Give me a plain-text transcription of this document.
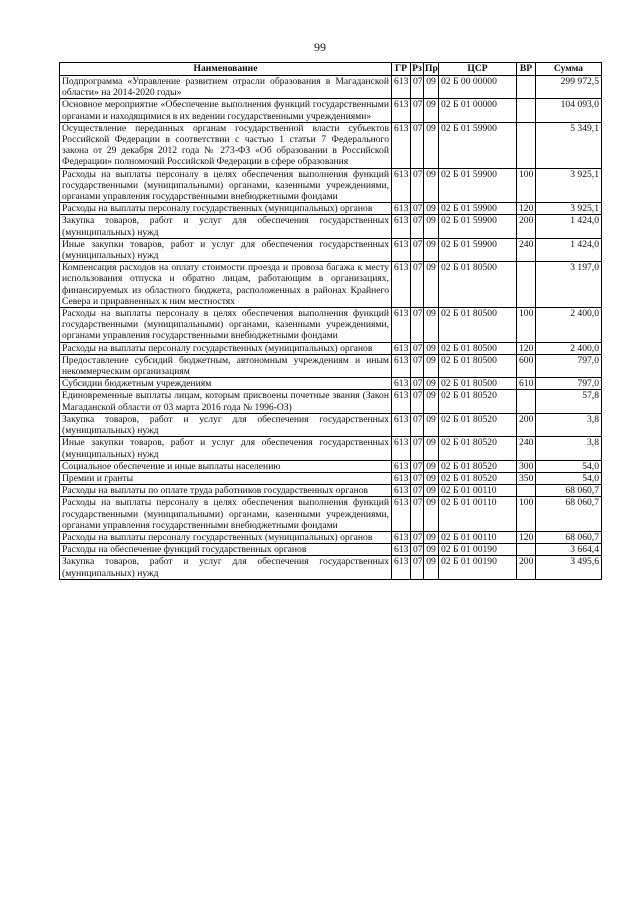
99
Наименование	ГР	Рз	Пр	ЦСР	ВР	Сумма
Подпрограмма «Управление развитием отрасли образования в Магаданской области» на 2014-2020 годы»	613	07	09	02 Б 00 00000		299 972,5
Основное мероприятие «Обеспечение выполнения функций государственными органами и находящимися в их ведении государственными учреждениями»	613	07	09	02 Б 01 00000		104 093,0
Осуществление переданных органам государственной власти субъектов Российской Федерации в соответствии с частью 1 статьи 7 Федерального закона от 29 декабря 2012 года № 273-ФЗ «Об образовании в Российской Федерации» полномочий Российской Федерации в сфере образования	613	07	09	02 Б 01 59900		5 349,1
Расходы на выплаты персоналу в целях обеспечения выполнения функций государственными (муниципальными) органами, казенными учреждениями, органами управления государственными внебюджетными фондами	613	07	09	02 Б 01 59900	100	3 925,1
Расходы на выплаты персоналу государственных (муниципальных) органов	613	07	09	02 Б 01 59900	120	3 925,1
Закупка товаров, работ и услуг для обеспечения государственных (муниципальных) нужд	613	07	09	02 Б 01 59900	200	1 424,0
Иные закупки товаров, работ и услуг для обеспечения государственных (муниципальных) нужд	613	07	09	02 Б 01 59900	240	1 424,0
Компенсация расходов на оплату стоимости проезда и провоза багажа к месту использования отпуска и обратно лицам, работающим в организациях, финансируемых из областного бюджета, расположенных в районах Крайнего Севера и приравненных к ним местностях	613	07	09	02 Б 01 80500		3 197,0
Расходы на выплаты персоналу в целях обеспечения выполнения функций государственными (муниципальными) органами, казенными учреждениями, органами управления государственными внебюджетными фондами	613	07	09	02 Б 01 80500	100	2 400,0
Расходы на выплаты персоналу государственных (муниципальных) органов	613	07	09	02 Б 01 80500	120	2 400,0
Предоставление субсидий бюджетным, автономным учреждениям и иным некоммерческим организациям	613	07	09	02 Б 01 80500	600	797,0
Субсидии бюджетным учреждениям	613	07	09	02 Б 01 80500	610	797,0
Единовременные выплаты лицам, которым присвоены почетные звания (Закон Магаданской области от 03 марта 2016 года № 1996-ОЗ)	613	07	09	02 Б 01 80520		57,8
Закупка товаров, работ и услуг для обеспечения государственных (муниципальных) нужд	613	07	09	02 Б 01 80520	200	3,8
Иные закупки товаров, работ и услуг для обеспечения государственных (муниципальных) нужд	613	07	09	02 Б 01 80520	240	3,8
Социальное обеспечение и иные выплаты населению	613	07	09	02 Б 01 80520	300	54,0
Премии и гранты	613	07	09	02 Б 01 80520	350	54,0
Расходы на выплаты по оплате труда работников государственных органов	613	07	09	02 Б 01 00110		68 060,7
Расходы на выплаты персоналу в целях обеспечения выполнения функций государственными (муниципальными) органами, казенными учреждениями, органами управления государственными внебюджетными фондами	613	07	09	02 Б 01 00110	100	68 060,7
Расходы на выплаты персоналу государственных (муниципальных) органов	613	07	09	02 Б 01 00110	120	68 060,7
Расходы на обеспечение функций государственных органов	613	07	09	02 Б 01 00190		3 664,4
Закупка товаров, работ и услуг для обеспечения государственных (муниципальных) нужд	613	07	09	02 Б 01 00190	200	3 495,6
